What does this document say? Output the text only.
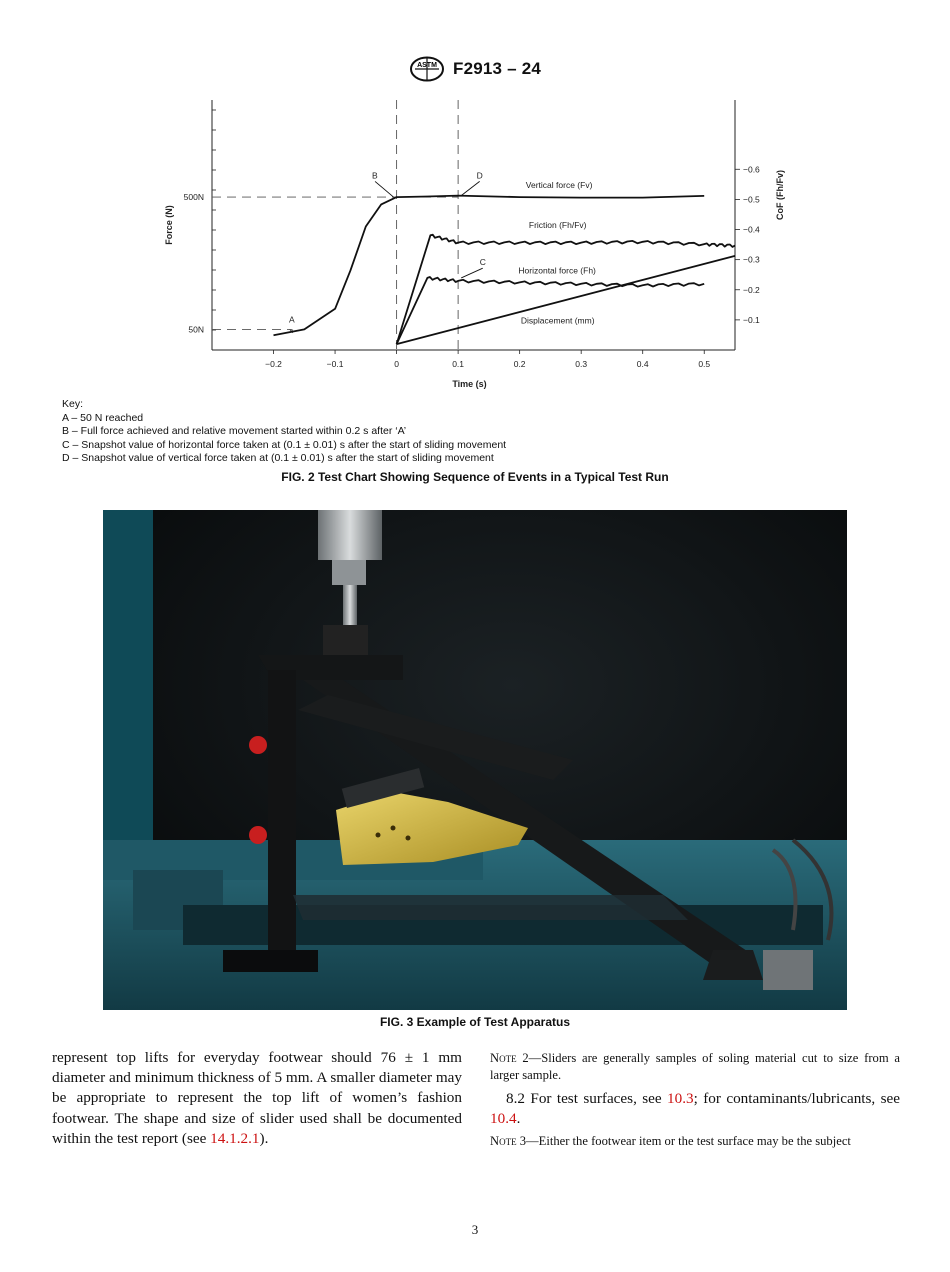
ASTM F2913 – 24
−0.2	−0.1	0	0.1	0.2	0.3	0.4	0.5
Time (s)
Force (N)
CoF (Fh/Fv)
500N
50N
−0.6
−0.5
−0.4
−0.3
−0.2
−0.1
Vertical force (Fv)
Friction (Fh/Fv)
Horizontal force (Fh)
Displacement (mm)
×
A
B
C
D
Key:
A – 50 N reached
B – Full force achieved and relative movement started within 0.2 s after ‘A’
C – Snapshot value of horizontal force taken at (0.1 ± 0.01) s after the start of sliding movement
D – Snapshot value of vertical force taken at (0.1 ± 0.01) s after the start of sliding movement
FIG. 2 Test Chart Showing Sequence of Events in a Typical Test Run
FIG. 3 Example of Test Apparatus
represent top lifts for everyday footwear should 76 ± 1 mm diameter and minimum thickness of 5 mm. A smaller diameter may be appropriate to represent the top lift of women’s fashion footwear. The shape and size of slider used shall be documented within the test report (see 14.1.2.1).
Note 2—Sliders are generally samples of soling material cut to size from a larger sample.
8.2 For test surfaces, see 10.3; for contaminants/lubricants, see 10.4.
Note 3—Either the footwear item or the test surface may be the subject
3
